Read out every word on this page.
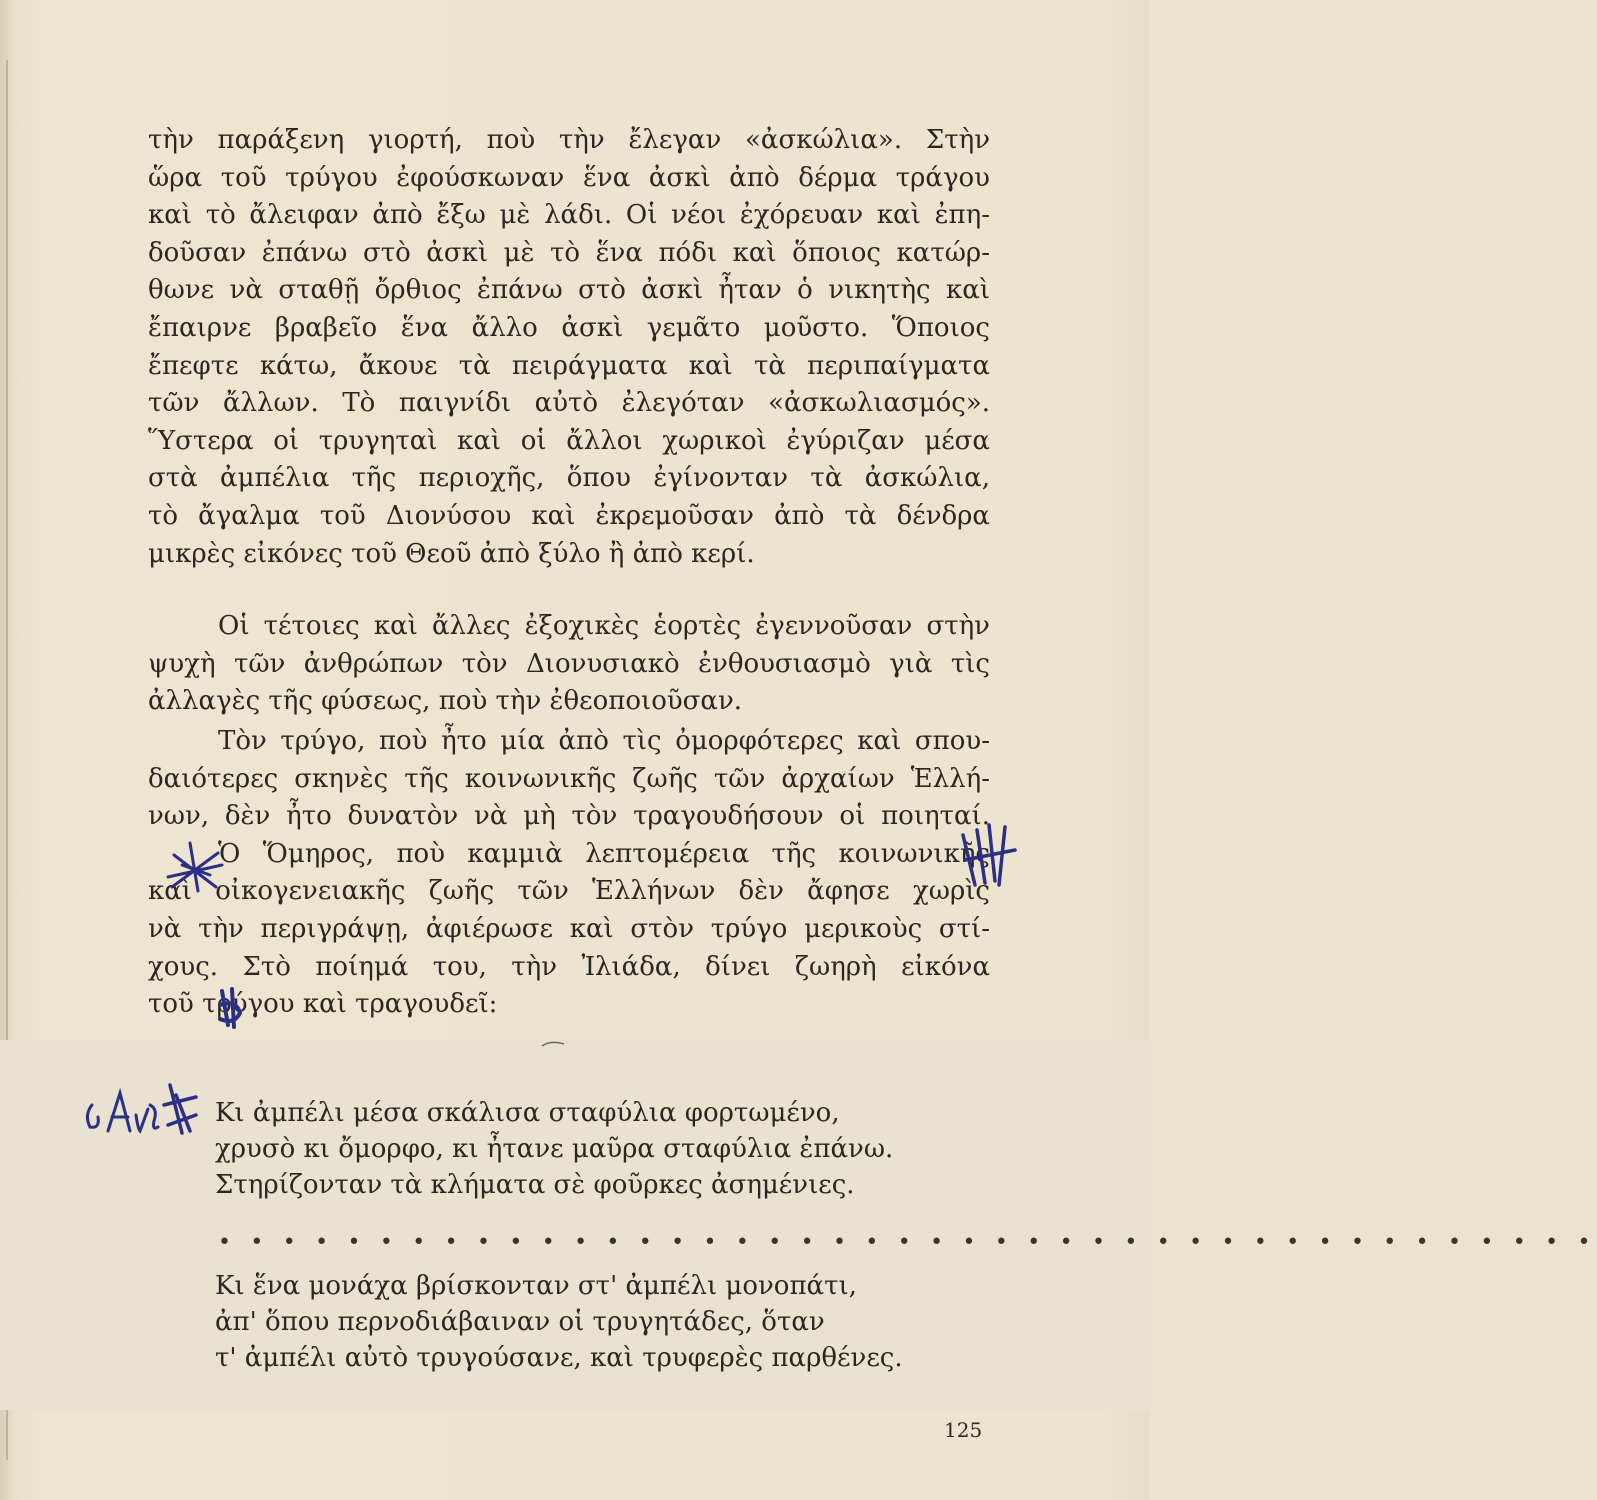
τὴν παράξενη γιορτή, ποὺ τὴν ἔλεγαν «ἀσκώλια». Στὴν
ὥρα τοῦ τρύγου ἐφούσκωναν ἕνα ἀσκὶ ἀπὸ δέρμα τράγου
καὶ τὸ ἄλειφαν ἀπὸ ἔξω μὲ λάδι. Οἱ νέοι ἐχόρευαν καὶ ἐπη-
δοῦσαν ἐπάνω στὸ ἀσκὶ μὲ τὸ ἕνα πόδι καὶ ὅποιος κατώρ-
θωνε νὰ σταθῇ ὄρθιος ἐπάνω στὸ ἀσκὶ ἦταν ὁ νικητὴς καὶ
ἔπαιρνε βραβεῖο ἕνα ἄλλο ἀσκὶ γεμᾶτο μοῦστο. Ὅποιος
ἔπεφτε κάτω, ἄκουε τὰ πειράγματα καὶ τὰ περιπαίγματα
τῶν ἄλλων. Τὸ παιγνίδι αὐτὸ ἐλεγόταν «ἀσκωλιασμός».
Ὕστερα οἱ τρυγηταὶ καὶ οἱ ἄλλοι χωρικοὶ ἐγύριζαν μέσα
στὰ ἀμπέλια τῆς περιοχῆς, ὅπου ἐγίνονταν τὰ ἀσκώλια,
τὸ ἄγαλμα τοῦ Διονύσου καὶ ἐκρεμοῦσαν ἀπὸ τὰ δένδρα
μικρὲς εἰκόνες τοῦ Θεοῦ ἀπὸ ξύλο ἢ ἀπὸ κερί.
Οἱ τέτοιες καὶ ἄλλες ἐξοχικὲς ἑορτὲς ἐγεννοῦσαν στὴν
ψυχὴ τῶν ἀνθρώπων τὸν Διονυσιακὸ ἐνθουσιασμὸ γιὰ τὶς
ἀλλαγὲς τῆς φύσεως, ποὺ τὴν ἐθεοποιοῦσαν.
Τὸν τρύγο, ποὺ ἦτο μία ἀπὸ τὶς ὀμορφότερες καὶ σπου-
δαιότερες σκηνὲς τῆς κοινωνικῆς ζωῆς τῶν ἀρχαίων Ἑλλή-
νων, δὲν ἦτο δυνατὸν νὰ μὴ τὸν τραγουδήσουν οἱ ποιηταί.
Ὁ Ὅμηρος, ποὺ καμμιὰ λεπτομέρεια τῆς κοινωνικῆς
καὶ οἰκογενειακῆς ζωῆς τῶν Ἑλλήνων δὲν ἄφησε χωρὶς
νὰ τὴν περιγράψῃ, ἀφιέρωσε καὶ στὸν τρύγο μερικοὺς στί-
χους. Στὸ ποίημά του, τὴν Ἰλιάδα, δίνει ζωηρὴ εἰκόνα
τοῦ τρύγου καὶ τραγουδεῖ:
Κι ἀμπέλι μέσα σκάλισα σταφύλια φορτωμένο,
χρυσὸ κι ὄμορφο, κι ἦτανε μαῦρα σταφύλια ἐπάνω.
Στηρίζονταν τὰ κλήματα σὲ φοῦρκες ἀσημένιες.
• • • • • • • • • • • • • • • • • • • • • • • • • • • • • • • • • • • • • • • • • • •
Κι ἕνα μονάχα βρίσκονταν στ' ἀμπέλι μονοπάτι,
ἀπ' ὅπου περνοδιάβαιναν οἱ τρυγητάδες, ὅταν
τ' ἀμπέλι αὐτὸ τρυγούσανε, καὶ τρυφερὲς παρθένες.
125
